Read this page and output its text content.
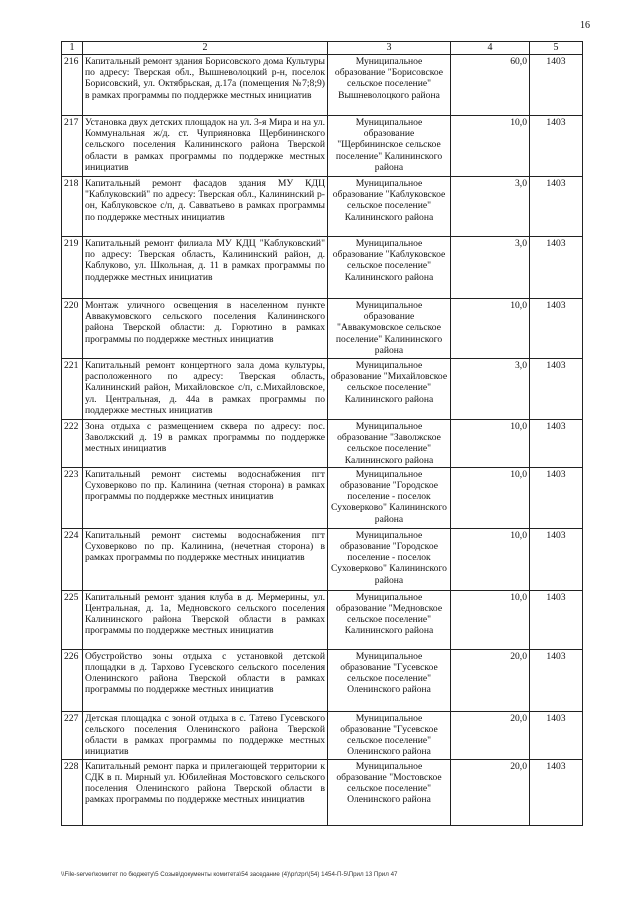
16
1	2	3	4	5
216	Капитальный ремонт здания Борисовского дома Культуры по адресу: Тверская обл., Вышневолоцкий р-н, поселок Борисовский, ул. Октябрьская, д.17а (помещения №7;8;9) в рамках программы по поддержке местных инициатив	Муниципальное образование "Борисовское сельское поселение" Вышневолоцкого района	60,0	1403
217	Установка двух детских площадок на ул. 3-я Мира и на ул. Коммунальная ж/д. ст. Чуприяновка Щербининского сельского поселения Калининского района Тверской области в рамках программы по поддержке местных инициатив	Муниципальное образование "Щербининское сельское поселение" Калининского района	10,0	1403
218	Капитальный ремонт фасадов здания МУ КДЦ "Каблуковский" по адресу: Тверская обл., Калининский р-он, Каблуковское с/п, д. Савватьево в рамках программы по поддержке местных инициатив	Муниципальное образование "Каблуковское сельское поселение" Калининского района	3,0	1403
219	Капитальный ремонт филиала МУ КДЦ "Каблуковский" по адресу: Тверская область, Калининский район, д. Каблуково, ул. Школьная, д. 11 в рамках программы по поддержке местных инициатив	Муниципальное образование "Каблуковское сельское поселение" Калининского района	3,0	1403
220	Монтаж уличного освещения в населенном пункте Аввакумовского сельского поселения Калининского района Тверской области: д. Горютино в рамках программы по поддержке местных инициатив	Муниципальное образование "Аввакумовское сельское поселение" Калининского района	10,0	1403
221	Капитальный ремонт концертного зала дома культуры, расположенного по адресу: Тверская область, Калининский район, Михайловское с/п, с.Михайловское, ул. Центральная, д. 44а в рамках программы по поддержке местных инициатив	Муниципальное образование "Михайловское сельское поселение" Калининского района	3,0	1403
222	Зона отдыха с размещением сквера по адресу: пос. Заволжский д. 19 в рамках программы по поддержке местных инициатив	Муниципальное образование "Заволжское сельское поселение" Калининского района	10,0	1403
223	Капитальный ремонт системы водоснабжения пгт Суховерково по пр. Калинина (четная сторона) в рамках программы по поддержке местных инициатив	Муниципальное образование "Городское поселение - поселок Суховерково" Калининского района	10,0	1403
224	Капитальный ремонт системы водоснабжения пгт Суховерково по пр. Калинина, (нечетная сторона) в рамках программы по поддержке местных инициатив	Муниципальное образование "Городское поселение - поселок Суховерково" Калининского района	10,0	1403
225	Капитальный ремонт здания клуба в д. Мермерины, ул. Центральная, д. 1а, Медновского сельского поселения Калининского района Тверской области в рамках программы по поддержке местных инициатив	Муниципальное образование "Медновское сельское поселение" Калининского района	10,0	1403
226	Обустройство зоны отдыха с установкой детской площадки в д. Тархово Гусевского сельского поселения Оленинского района Тверской области в рамках программы по поддержке местных инициатив	Муниципальное образование "Гусевское сельское поселение" Оленинского района	20,0	1403
227	Детская площадка с зоной отдыха в с. Татево Гусевского сельского поселения Оленинского района Тверской области в рамках программы по поддержке местных инициатив	Муниципальное образование "Гусевское сельское поселение" Оленинского района	20,0	1403
228	Капитальный ремонт парка и прилегающей территории к СДК в п. Мирный ул. Юбилейная Мостовского сельского поселения Оленинского района Тверской области в рамках программы по поддержке местных инициатив	Муниципальное образование "Мостовское сельское поселение" Оленинского района	20,0	1403
\\File-server\комитет по бюджету\5 Созыв\документы комитета\54 заседание (4)\pr\zpr\(54) 1454-П-5\Прил 13 Прил 47
